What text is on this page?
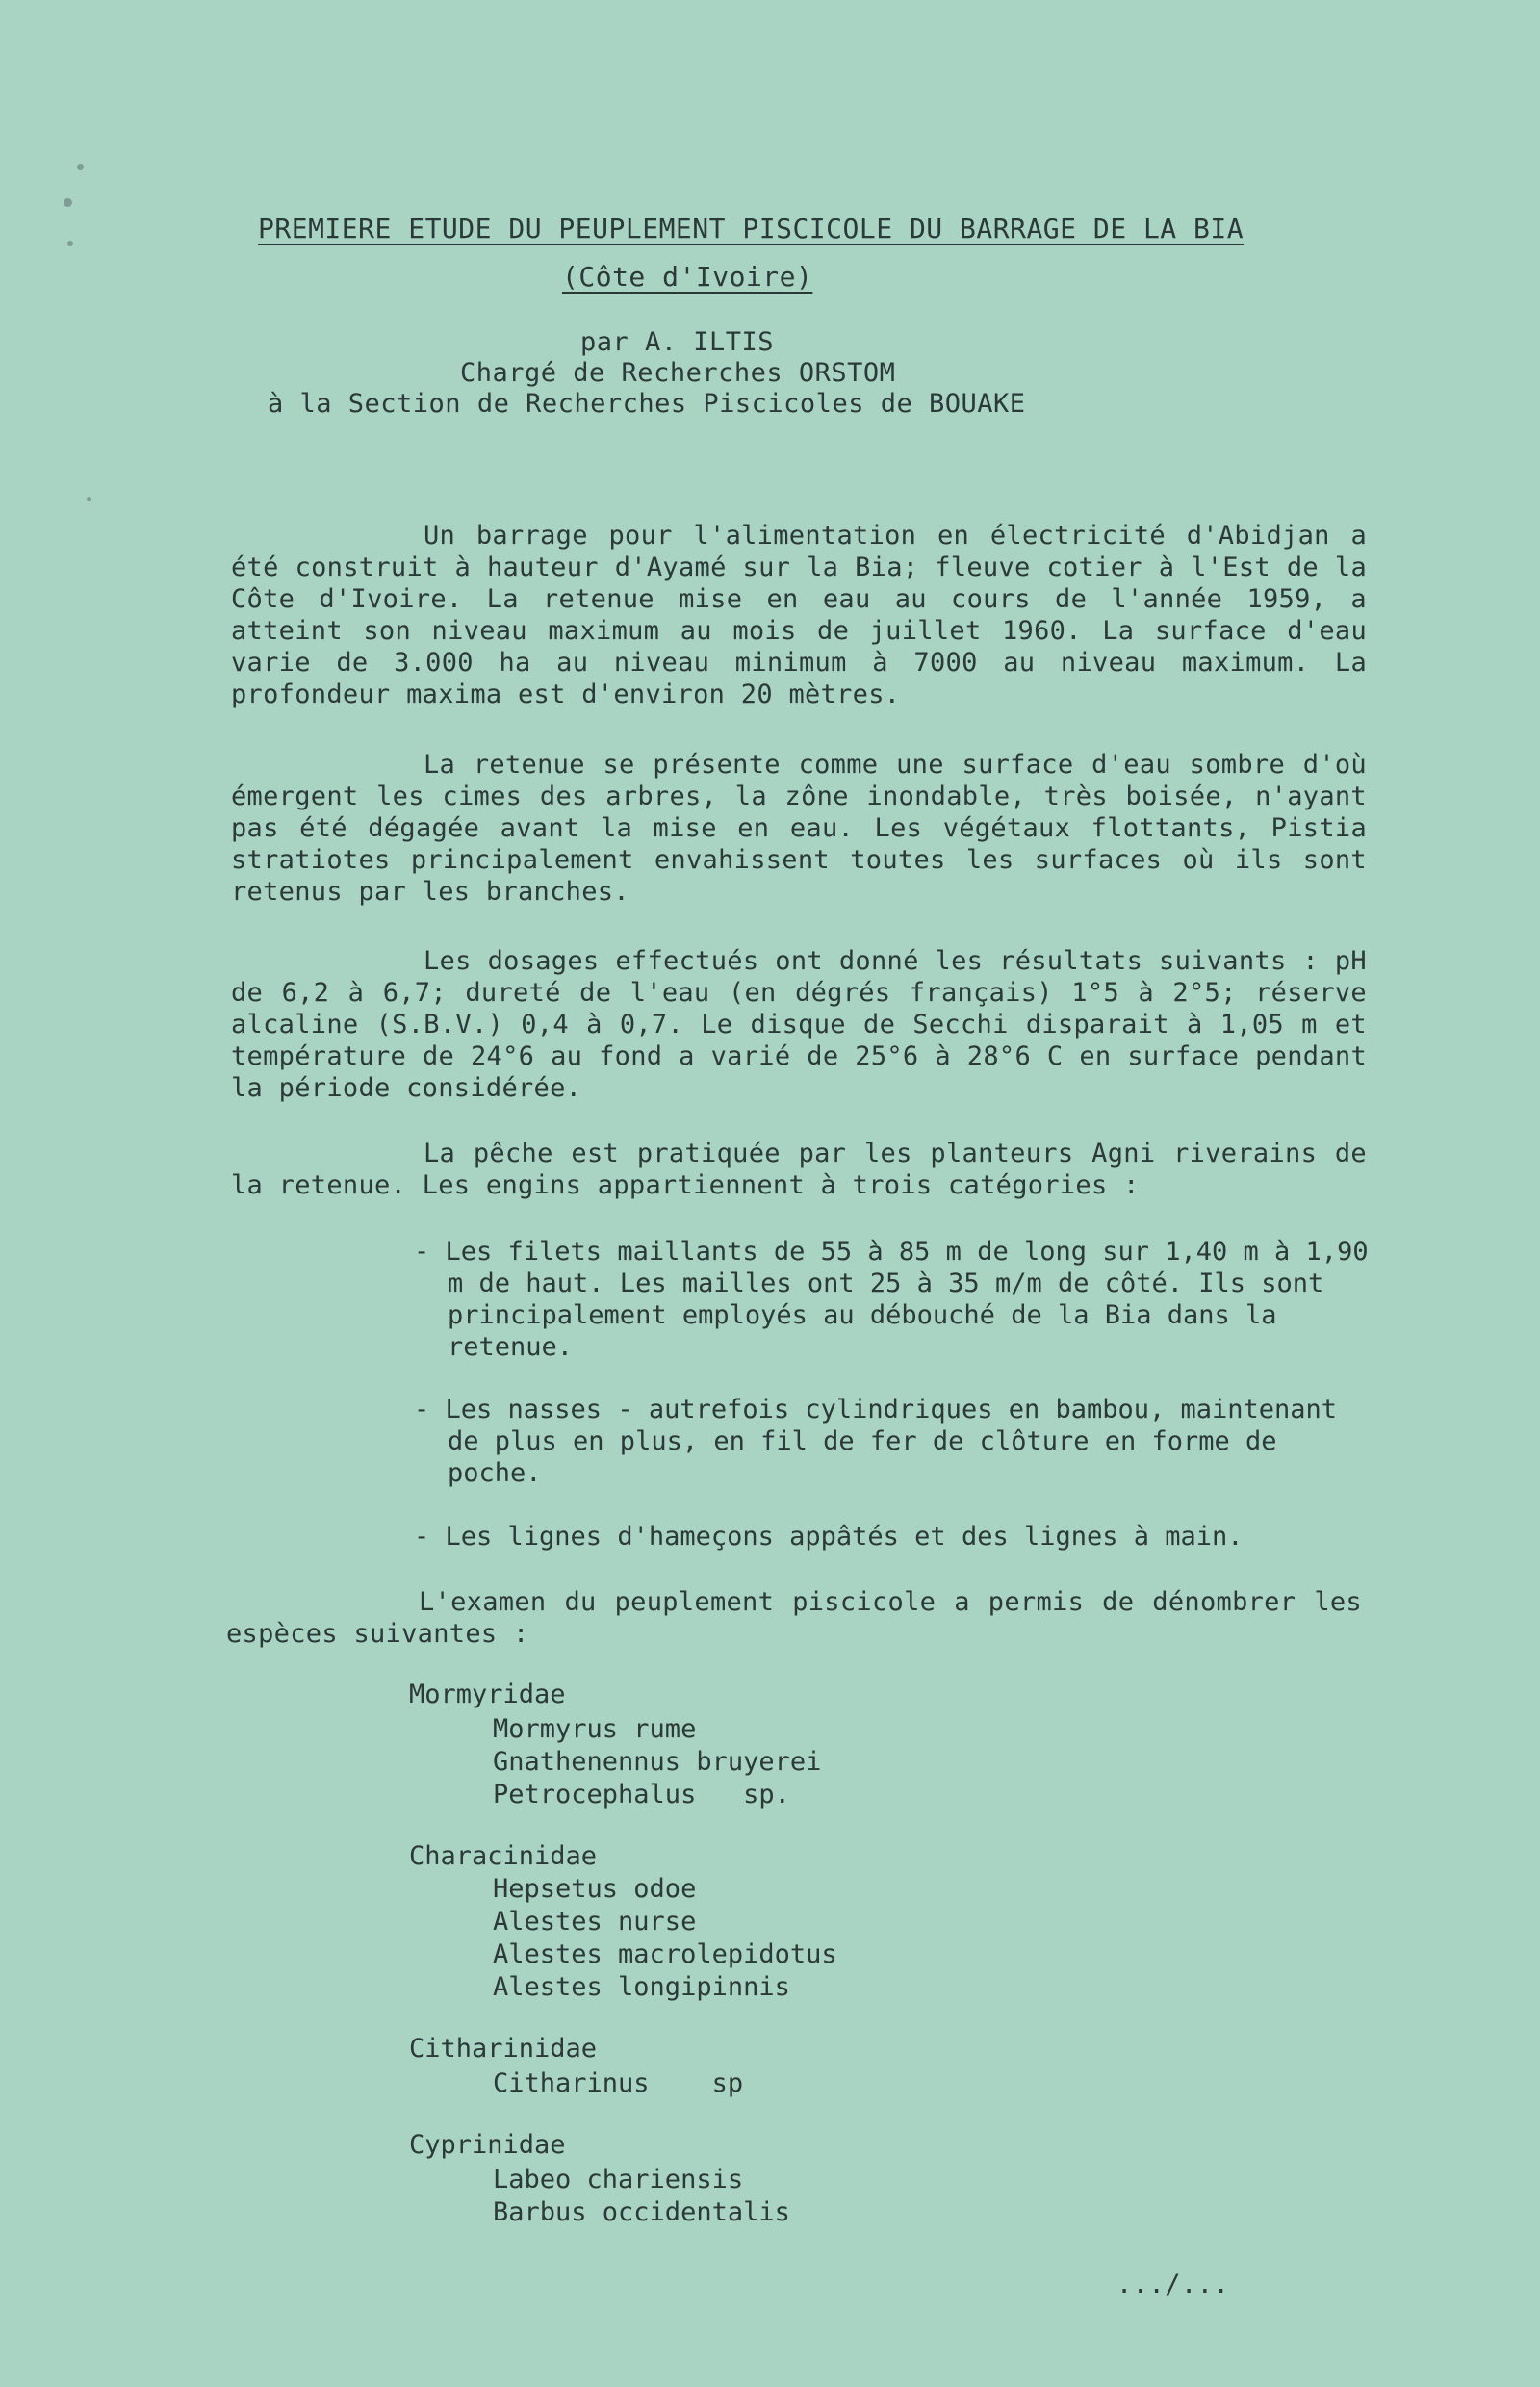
PREMIERE ETUDE DU PEUPLEMENT PISCICOLE DU BARRAGE DE LA BIA
(Côte d'Ivoire)
par A. ILTIS
Chargé de Recherches ORSTOM
à la Section de Recherches Piscicoles de BOUAKE
Un barrage pour l'alimentation en électricité d'Abidjan a été construit à hauteur d'Ayamé sur la Bia; fleuve cotier à l'Est de la Côte d'Ivoire. La retenue mise en eau au cours de l'année 1959, a atteint son niveau maximum au mois de juillet 1960. La surface d'eau varie de 3.000 ha au niveau minimum à 7000 au niveau maximum. La profondeur maxima est d'environ 20 mètres.
La retenue se présente comme une surface d'eau sombre d'où émergent les cimes des arbres, la zône inondable, très boisée, n'ayant pas été dégagée avant la mise en eau. Les végétaux flottants, Pistia stratiotes principalement envahissent toutes les surfaces où ils sont retenus par les branches.
Les dosages effectués ont donné les résultats suivants : pH de 6,2 à 6,7; dureté de l'eau (en dégrés français) 1°5 à 2°5; réserve alcaline (S.B.V.) 0,4 à 0,7. Le disque de Secchi disparait à 1,05 m et température de 24°6 au fond a varié de 25°6 à 28°6 C en surface pendant la période considérée.
La pêche est pratiquée par les planteurs Agni riverains de la retenue. Les engins appartiennent à trois catégories :
- Les filets maillants de 55 à 85 m de long sur 1,40 m à 1,90 m de haut. Les mailles ont 25 à 35 m/m de côté. Ils sont principalement employés au débouché de la Bia dans la retenue.
- Les nasses - autrefois cylindriques en bambou, maintenant de plus en plus, en fil de fer de clôture en forme de poche.
- Les lignes d'hameçons appâtés et des lignes à main.
L'examen du peuplement piscicole a permis de dénombrer les espèces suivantes :
Mormyridae
Mormyrus rume
Gnathenennus bruyerei
Petrocephalus   sp.
Characinidae
Hepsetus odoe
Alestes nurse
Alestes macrolepidotus
Alestes longipinnis
Citharinidae
Citharinus    sp
Cyprinidae
Labeo chariensis
Barbus occidentalis
.../...
